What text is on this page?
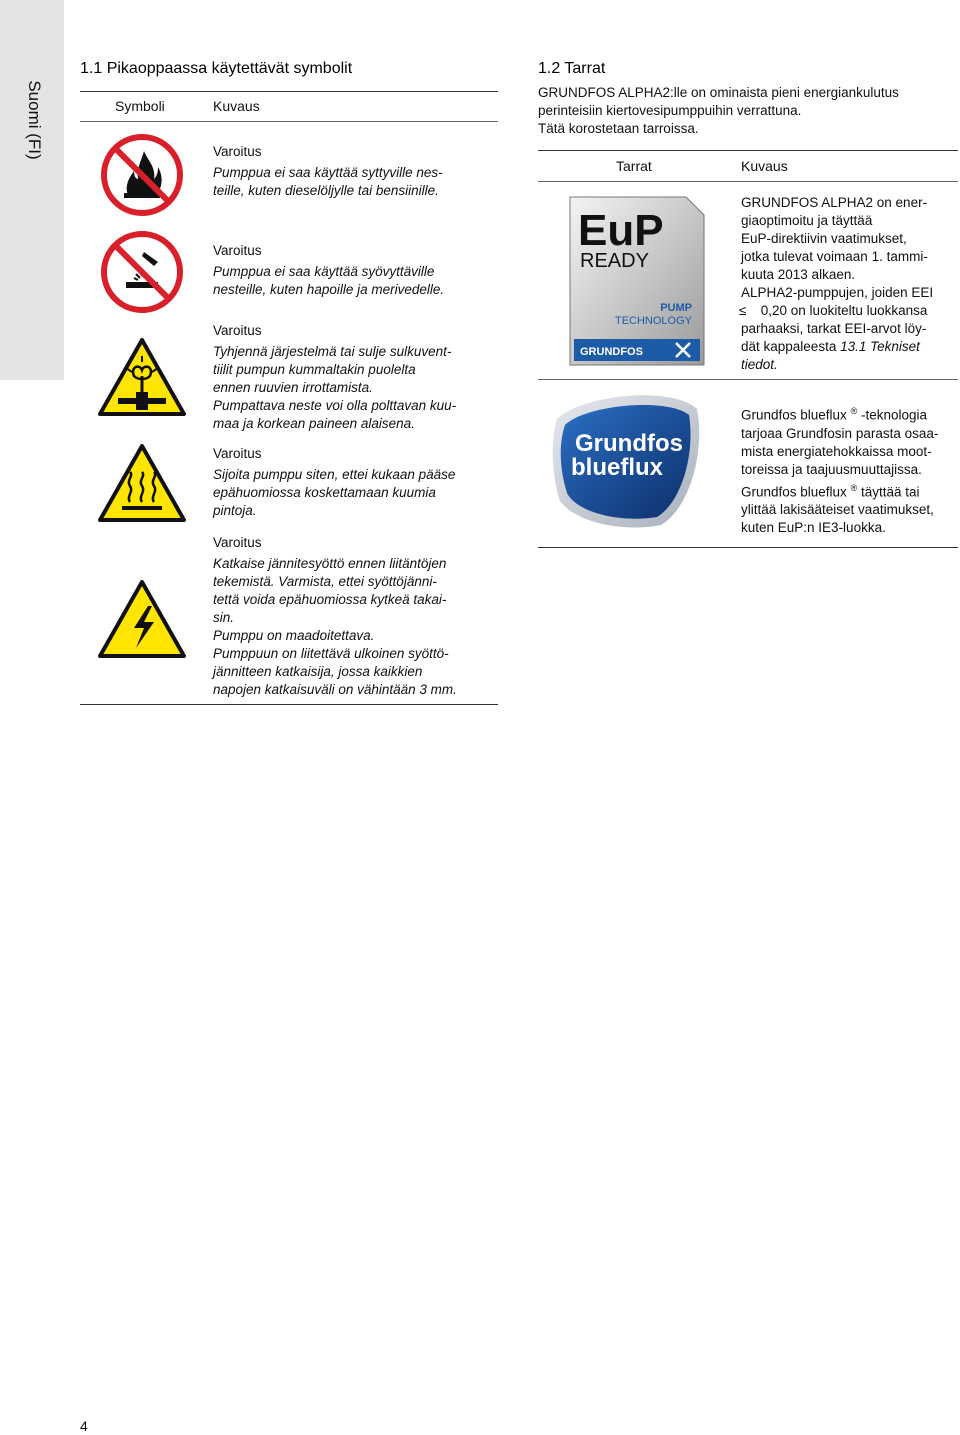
Suomi (FI)
1.1 Pikaoppaassa käytettävät symbolit
Symboli	Kuvaus

Varoitus

Pumppua ei saa käyttää syttyville nes-

teille, kuten dieselöljylle tai bensiinille.

Varoitus

Pumppua ei saa käyttää syövyttäville

nesteille, kuten hapoille ja merivedelle.

Varoitus

Tyhjennä järjestelmä tai sulje sulkuvent-

tiilit pumpun kummaltakin puolelta

ennen ruuvien irrottamista.

Pumpattava neste voi olla polttavan kuu-

maa ja korkean paineen alaisena.

Varoitus

Sijoita pumppu siten, ettei kukaan pääse

epähuomiossa koskettamaan kuumia

pintoja.

Varoitus

Katkaise jännitesyöttö ennen liitäntöjen

tekemistä. Varmista, ettei syöttöjänni-

tettä voida epähuomiossa kytkeä takai-

sin.

Pumppu on maadoitettava.

Pumppuun on liitettävä ulkoinen syöttö-

jännitteen katkaisija, jossa kaikkien

napojen katkaisuväli on vähintään 3 mm.

1.2 Tarrat

GRUNDFOS ALPHA2:lle on ominaista pieni energiankulutus

perinteisiin kiertovesipumppuihin verrattuna.

Tätä korostetaan tarroissa.

Tarrat	Kuvaus
EuP
READY
PUMP
TECHNOLOGY
GRUNDFOS

GRUNDFOS ALPHA2 on ener-

giaoptimoitu ja täyttää

EuP-direktiivin vaatimukset,

jotka tulevat voimaan 1. tammi-

kuuta 2013 alkaen.

ALPHA2-pumppujen, joiden EEI

≤ 0,20 on luokiteltu luokkansa

parhaaksi, tarkat EEI-arvot löy-

dät kappaleesta 13.1 Tekniset

tiedot.

Grundfos
blueflux

Grundfos blueflux ® -teknologia

tarjoaa Grundfosin parasta osaa-

mista energiatehokkaissa moot-

toreissa ja taajuusmuuttajissa.

Grundfos blueflux ® täyttää tai

ylittää lakisääteiset vaatimukset,

kuten EuP:n IE3-luokka.

4
